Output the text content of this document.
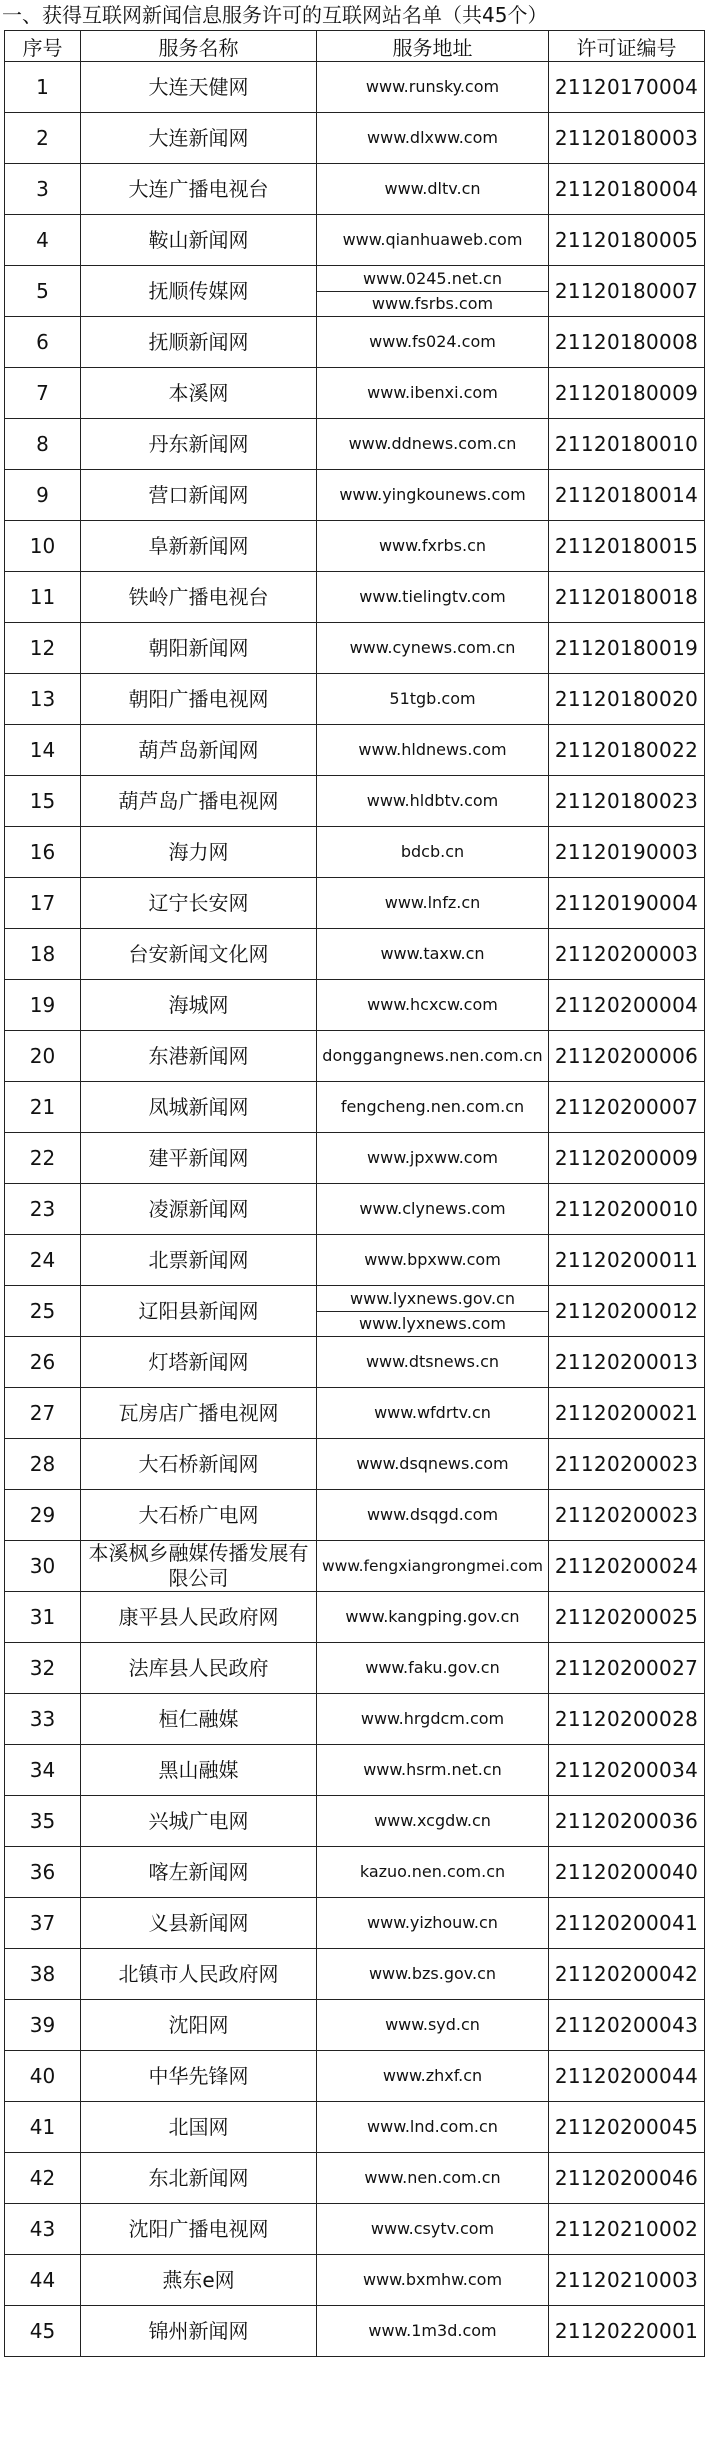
一、获得互联网新闻信息服务许可的互联网站名单（共45个）
序号	服务名称	服务地址	许可证编号
1	大连天健网	www.runsky.com	21120170004
2	大连新闻网	www.dlxww.com	21120180003
3	大连广播电视台	www.dltv.cn	21120180004
4	鞍山新闻网	www.qianhuaweb.com	21120180005
5	抚顺传媒网	www.0245.net.cn
www.fsrbs.com	21120180007
6	抚顺新闻网	www.fs024.com	21120180008
7	本溪网	www.ibenxi.com	21120180009
8	丹东新闻网	www.ddnews.com.cn	21120180010
9	营口新闻网	www.yingkounews.com	21120180014
10	阜新新闻网	www.fxrbs.cn	21120180015
11	铁岭广播电视台	www.tielingtv.com	21120180018
12	朝阳新闻网	www.cynews.com.cn	21120180019
13	朝阳广播电视网	51tgb.com	21120180020
14	葫芦岛新闻网	www.hldnews.com	21120180022
15	葫芦岛广播电视网	www.hldbtv.com	21120180023
16	海力网	bdcb.cn	21120190003
17	辽宁长安网	www.lnfz.cn	21120190004
18	台安新闻文化网	www.taxw.cn	21120200003
19	海城网	www.hcxcw.com	21120200004
20	东港新闻网	donggangnews.nen.com.cn	21120200006
21	凤城新闻网	fengcheng.nen.com.cn	21120200007
22	建平新闻网	www.jpxww.com	21120200009
23	凌源新闻网	www.clynews.com	21120200010
24	北票新闻网	www.bpxww.com	21120200011
25	辽阳县新闻网	www.lyxnews.gov.cn
www.lyxnews.com	21120200012
26	灯塔新闻网	www.dtsnews.cn	21120200013
27	瓦房店广播电视网	www.wfdrtv.cn	21120200021
28	大石桥新闻网	www.dsqnews.com	21120200023
29	大石桥广电网	www.dsqgd.com	21120200023
30	本溪枫乡融媒传播发展有限公司	www.fengxiangrongmei.com	21120200024
31	康平县人民政府网	www.kangping.gov.cn	21120200025
32	法库县人民政府	www.faku.gov.cn	21120200027
33	桓仁融媒	www.hrgdcm.com	21120200028
34	黑山融媒	www.hsrm.net.cn	21120200034
35	兴城广电网	www.xcgdw.cn	21120200036
36	喀左新闻网	kazuo.nen.com.cn	21120200040
37	义县新闻网	www.yizhouw.cn	21120200041
38	北镇市人民政府网	www.bzs.gov.cn	21120200042
39	沈阳网	www.syd.cn	21120200043
40	中华先锋网	www.zhxf.cn	21120200044
41	北国网	www.lnd.com.cn	21120200045
42	东北新闻网	www.nen.com.cn	21120200046
43	沈阳广播电视网	www.csytv.com	21120210002
44	燕东e网	www.bxmhw.com	21120210003
45	锦州新闻网	www.1m3d.com	21120220001
